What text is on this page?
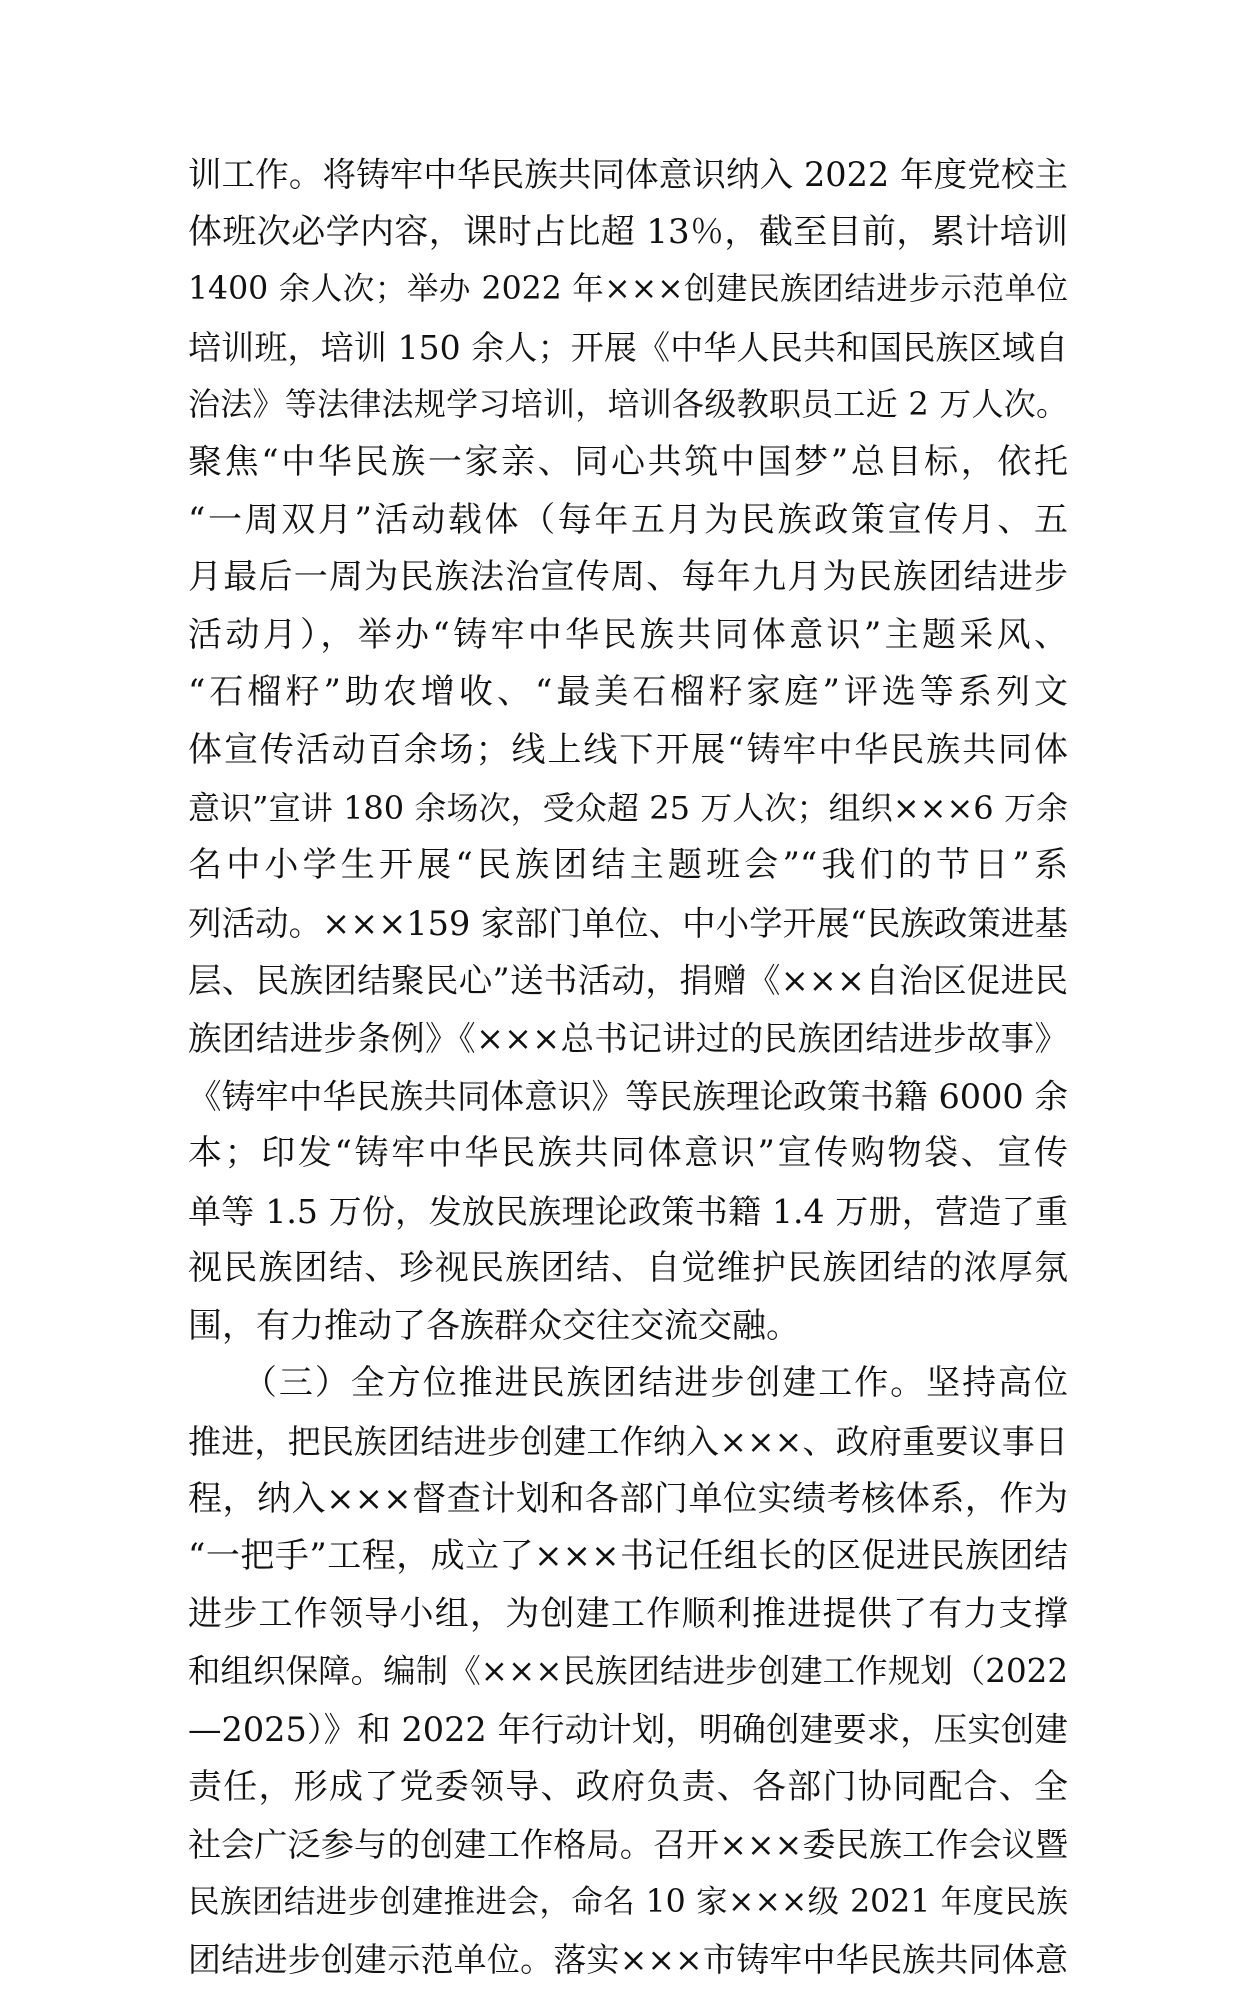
训工作。将铸牢中华民族共同体意识纳入 2022 年度党校主
体班次必学内容，课时占比超 13％，截至目前，累计培训
1400 余人次；举办 2022 年×××创建民族团结进步示范单位
培训班，培训 150 余人；开展《中华人民共和国民族区域自
治法》等法律法规学习培训，培训各级教职员工近 2 万人次。
聚焦“中华民族一家亲、同心共筑中国梦”总目标，依托
“一周双月”活动载体（每年五月为民族政策宣传月、五
月最后一周为民族法治宣传周、每年九月为民族团结进步
活动月），举办“铸牢中华民族共同体意识”主题采风、
“石榴籽”助农增收、“最美石榴籽家庭”评选等系列文
体宣传活动百余场；线上线下开展“铸牢中华民族共同体
意识”宣讲 180 余场次，受众超 25 万人次；组织×××6 万余
名中小学生开展“民族团结主题班会”“我们的节日”系
列活动。×××159 家部门单位、中小学开展“民族政策进基
层、民族团结聚民心”送书活动，捐赠《×××自治区促进民
族团结进步条例》《×××总书记讲过的民族团结进步故事》
《铸牢中华民族共同体意识》等民族理论政策书籍 6000 余
本；印发“铸牢中华民族共同体意识”宣传购物袋、宣传
单等 1.5 万份，发放民族理论政策书籍 1.4 万册，营造了重
视民族团结、珍视民族团结、自觉维护民族团结的浓厚氛
围，有力推动了各族群众交往交流交融。
　　（三）全方位推进民族团结进步创建工作。坚持高位
推进，把民族团结进步创建工作纳入×××、政府重要议事日
程，纳入×××督查计划和各部门单位实绩考核体系，作为
“一把手”工程，成立了×××书记任组长的区促进民族团结
进步工作领导小组，为创建工作顺利推进提供了有力支撑
和组织保障。编制《×××民族团结进步创建工作规划（2022
—2025）》和 2022 年行动计划，明确创建要求，压实创建
责任，形成了党委领导、政府负责、各部门协同配合、全
社会广泛参与的创建工作格局。召开×××委民族工作会议暨
民族团结进步创建推进会，命名 10 家×××级 2021 年度民族
团结进步创建示范单位。落实×××市铸牢中华民族共同体意
